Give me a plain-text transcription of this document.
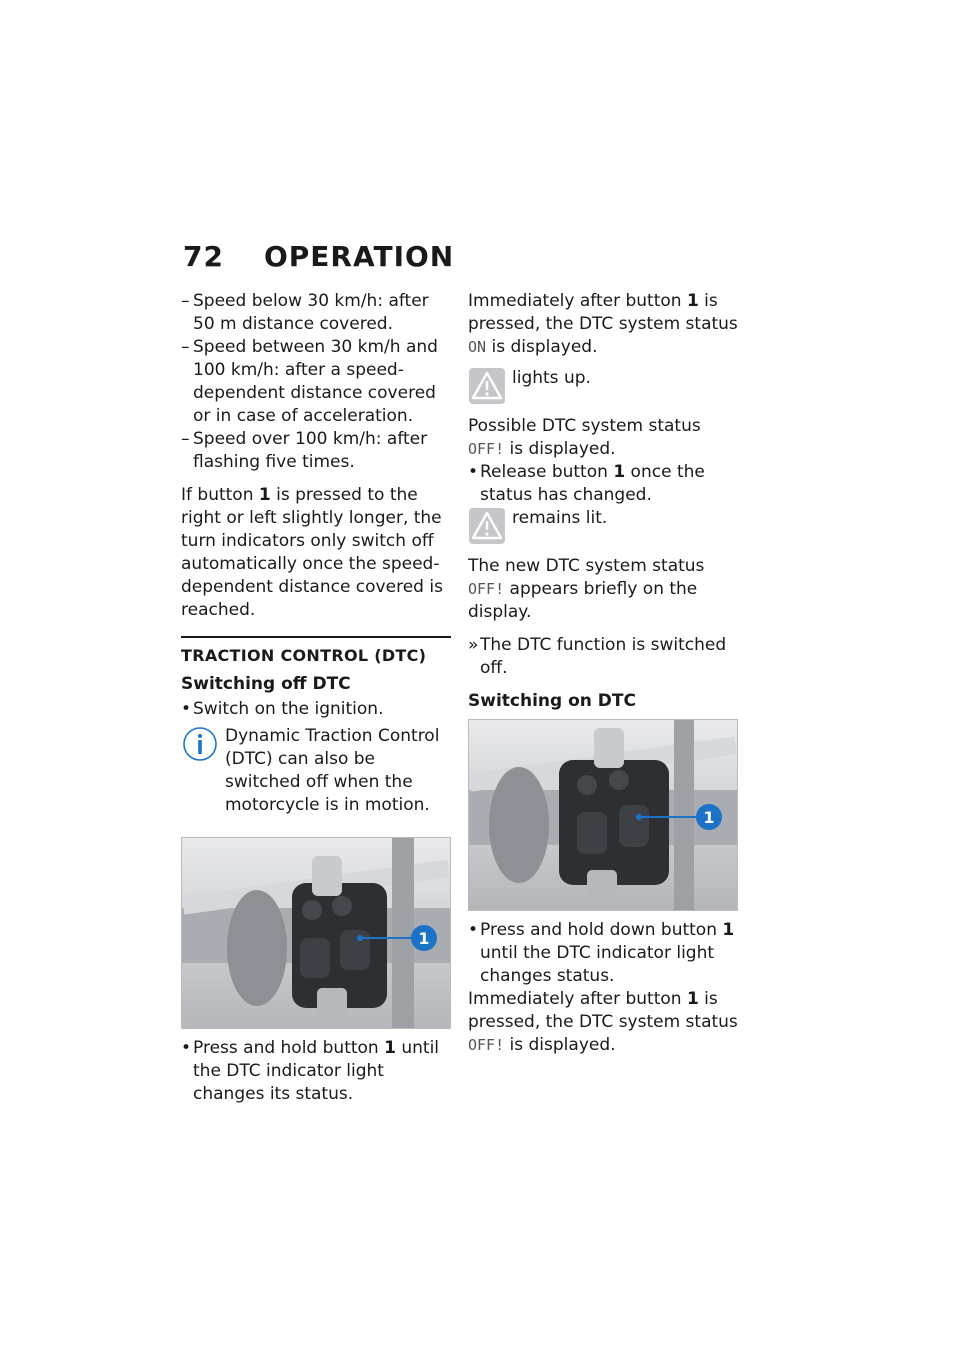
72 OPERATION

– Speed below 30 km/h: after 50 m distance covered.

– Speed between 30 km/h and 100 km/h: after a speed-dependent distance covered or in case of acceleration.

– Speed over 100 km/h: after flashing five times.

If button 1 is pressed to the right or left slightly longer, the turn indicators only switch off automatically once the speed-dependent distance covered is reached.

TRACTION CONTROL (DTC)

Switching off DTC

• Switch on the ignition.

Dynamic Traction Control (DTC) can also be switched off when the motorcycle is in motion.
1

• Press and hold button 1 until the DTC indicator light changes its status.

Immediately after button 1 is pressed, the DTC system status ON is displayed.

lights up.

Possible DTC system status OFF! is displayed.

• Release button 1 once the status has changed.

remains lit.

The new DTC system status OFF! appears briefly on the display.

» The DTC function is switched off.

Switching on DTC

1

• Press and hold down button 1 until the DTC indicator light changes status.

Immediately after button 1 is pressed, the DTC system status OFF! is displayed.
